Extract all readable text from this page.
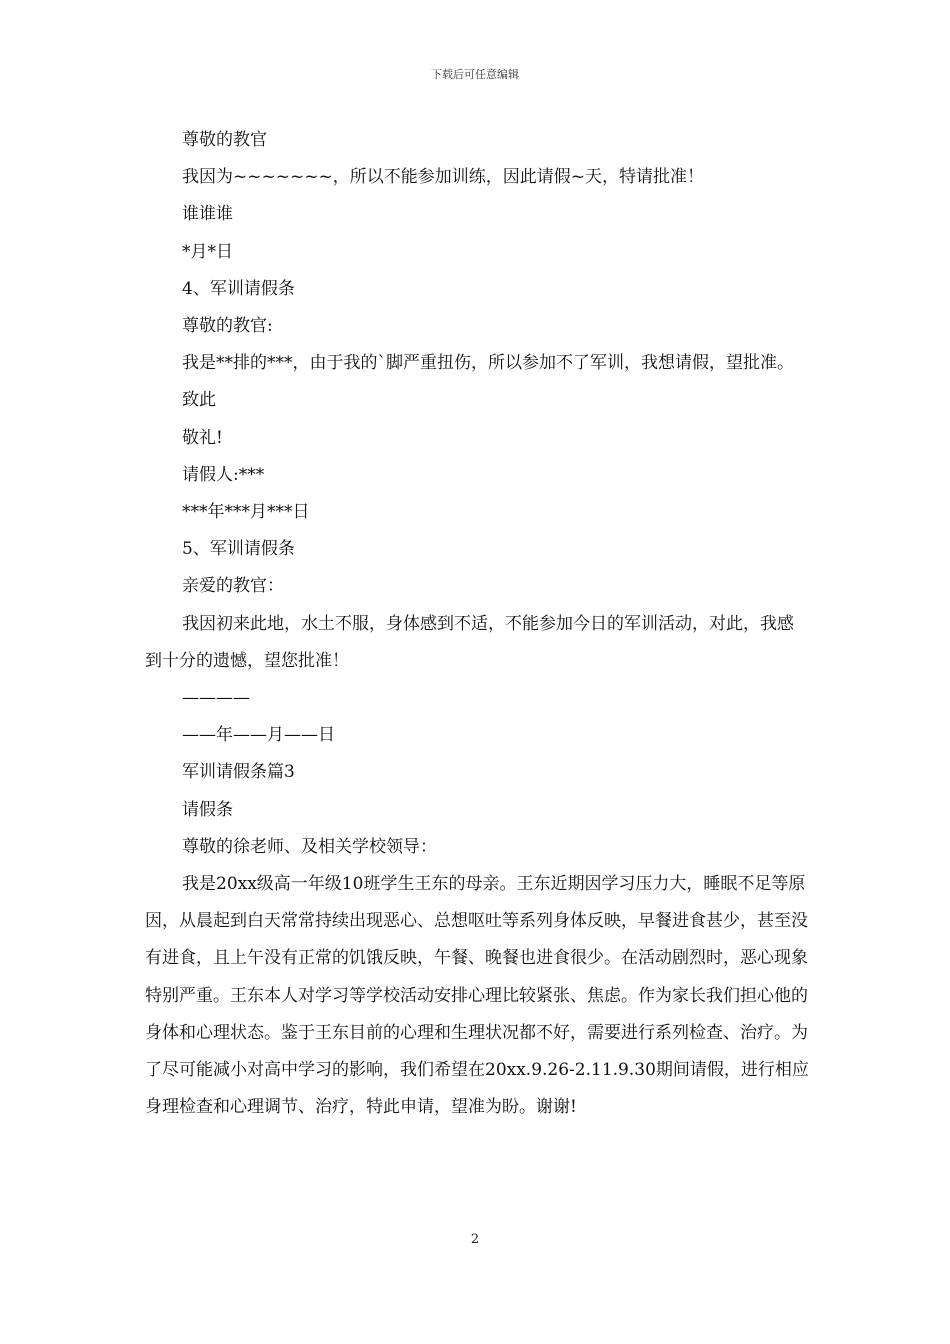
下载后可任意编辑

尊敬的教官

我因为~~~~~~~，所以不能参加训练，因此请假~天，特请批准！

谁谁谁

*月*日

4、军训请假条

尊敬的教官:

我是**排的***，由于我的`脚严重扭伤，所以参加不了军训，我想请假，望批准。

致此

敬礼!

请假人:***

***年***月***日

5、军训请假条

亲爱的教官：

我因初来此地，水土不服，身体感到不适，不能参加今日的军训活动，对此，我感到十分的遗憾，望您批准！

————

——年——月——日

军训请假条篇3

请假条

尊敬的徐老师、及相关学校领导：

我是20xx级高一年级10班学生王东的母亲。王东近期因学习压力大，睡眠不足等原因，从晨起到白天常常持续出现恶心、总想呕吐等系列身体反映，早餐进食甚少，甚至没有进食，且上午没有正常的饥饿反映，午餐、晚餐也进食很少。在活动剧烈时，恶心现象特别严重。王东本人对学习等学校活动安排心理比较紧张、焦虑。作为家长我们担心他的身体和心理状态。鉴于王东目前的心理和生理状况都不好，需要进行系列检查、治疗。为了尽可能减小对高中学习的影响，我们希望在20xx.9.26-2.11.9.30期间请假，进行相应身理检查和心理调节、治疗，特此申请，望准为盼。谢谢!

2
